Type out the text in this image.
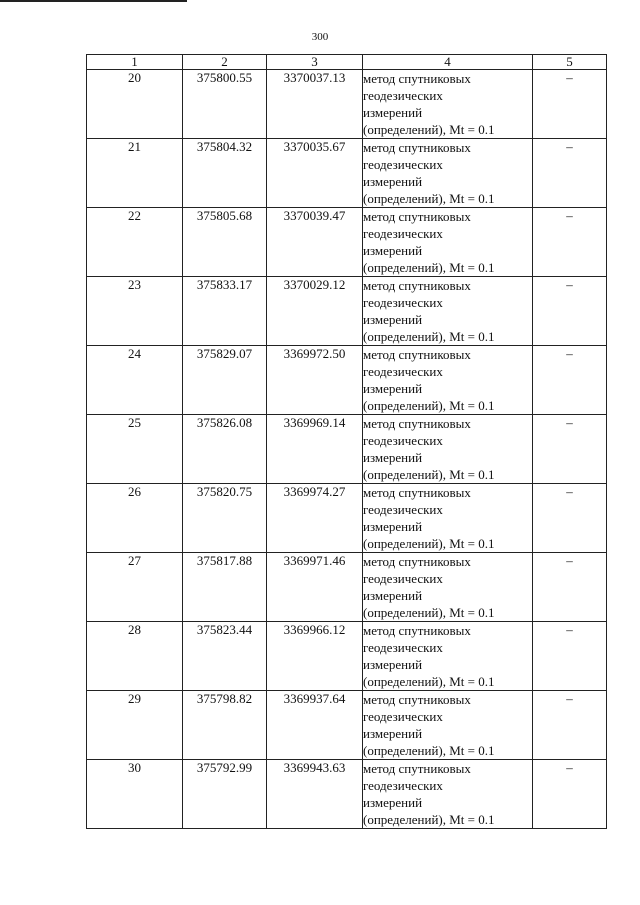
300
1	2	3	4	5
20	375800.55	3370037.13	метод спутниковых
геодезических
измерений
(определений), Mt = 0.1	–
21	375804.32	3370035.67	метод спутниковых
геодезических
измерений
(определений), Mt = 0.1	–
22	375805.68	3370039.47	метод спутниковых
геодезических
измерений
(определений), Mt = 0.1	–
23	375833.17	3370029.12	метод спутниковых
геодезических
измерений
(определений), Mt = 0.1	–
24	375829.07	3369972.50	метод спутниковых
геодезических
измерений
(определений), Mt = 0.1	–
25	375826.08	3369969.14	метод спутниковых
геодезических
измерений
(определений), Mt = 0.1	–
26	375820.75	3369974.27	метод спутниковых
геодезических
измерений
(определений), Mt = 0.1	–
27	375817.88	3369971.46	метод спутниковых
геодезических
измерений
(определений), Mt = 0.1	–
28	375823.44	3369966.12	метод спутниковых
геодезических
измерений
(определений), Mt = 0.1	–
29	375798.82	3369937.64	метод спутниковых
геодезических
измерений
(определений), Mt = 0.1	–
30	375792.99	3369943.63	метод спутниковых
геодезических
измерений
(определений), Mt = 0.1	–
